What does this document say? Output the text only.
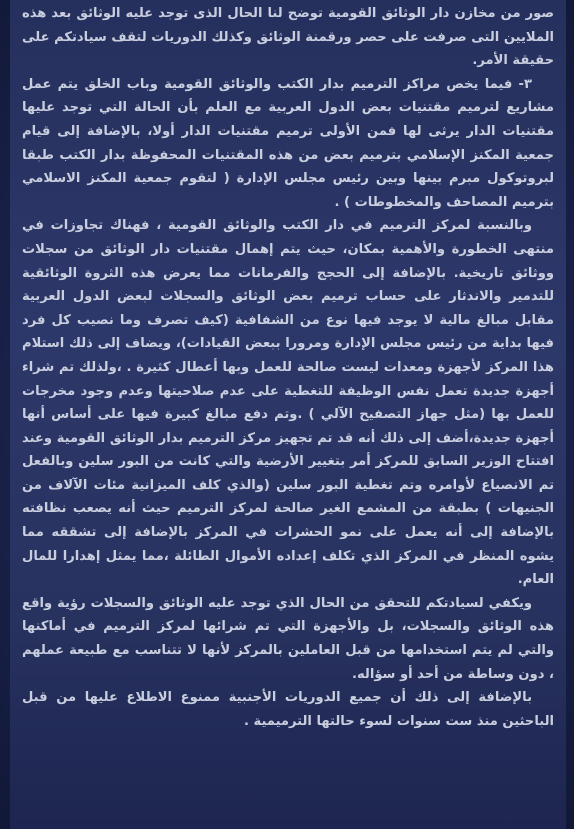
صور من مخازن دار الوثائق القومية توضح لنا الحال الذى توجد عليه الوثائق بعد هذه الملايين التى صرفت على حصر ورقمنة الوثائق وكذلك الدوريات لتقف سيادتكم على حقيقة الأمر.

٣- فيما يخص مراكز الترميم بدار الكتب والوثائق القومية وباب الخلق يتم عمل مشاريع لترميم مقتنيات بعض الدول العربية مع العلم بأن الحالة التي توجد عليها مقتنيات الدار يرثى لها فمن الأولى ترميم مقتنيات الدار أولا، بالإضافة إلى قيام جمعية المكنز الإسلامي بترميم بعض من هذه المقتنيات المحفوظة بدار الكتب طبقا لبروتوكول مبرم بينها وبين رئيس مجلس الإدارة ( لتقوم جمعية المكنز الاسلامي بترميم المصاحف والمخطوطات ) .

وبالنسبة لمركز الترميم في دار الكتب والوثائق القومية ، فهناك تجاوزات في منتهى الخطورة والأهمية بمكان، حيث يتم إهمال مقتنيات دار الوثائق من سجلات ووثائق تاريخية. بالإضافة إلى الحجج والفرمانات مما يعرض هذه الثروة الوثائقية للتدمير والاندثار على حساب ترميم بعض الوثائق والسجلات لبعض الدول العربية مقابل مبالغ مالية لا يوجد فيها نوع من الشفافية (كيف تصرف وما نصيب كل فرد فيها بداية من رئيس مجلس الإدارة ومرورا ببعض القيادات)، ويضاف إلى ذلك استلام هذا المركز لأجهزة ومعدات ليست صالحة للعمل وبها أعطال كثيرة . ،ولذلك تم شراء أجهزة جديدة تعمل نفس الوظيفة للتغطية على عدم صلاحيتها وعدم وجود مخرجات للعمل بها (مثل جهاز التصفيح الآلي ) .وتم دفع مبالغ كبيرة فيها على أساس أنها أجهزة جديدة،أضف إلى ذلك أنه قد تم تجهيز مركز الترميم بدار الوثائق القومية وعند افتتاح الوزير السابق للمركز أمر بتغيير الأرضية والتي كانت من البور سلين وبالفعل تم الانصياع لأوامره وتم تغطية البور سلين (والذي كلف الميزانية مئات الآلاف من الجنيهات ) بطبقة من المشمع الغير صالحة لمركز الترميم حيث أنه يصعب نظافته بالإضافة إلى أنه يعمل على نمو الحشرات في المركز بالإضافة إلى تشققه مما يشوه المنظر في المركز الذي تكلف إعداده الأموال الطائلة ،مما يمثل إهدارا للمال العام.

ويكفي لسيادتكم للتحقق من الحال الذي توجد عليه الوثائق والسجلات رؤية واقع هذه الوثائق والسجلات، بل والأجهزة التي تم شرائها لمركز الترميم في أماكنها والتي لم يتم استخدامها من قبل العاملين بالمركز لأنها لا تتناسب مع طبيعة عملهم ، دون وساطة من أحد أو سؤاله.

بالإضافة إلى ذلك أن جميع الدوريات الأجنبية ممنوع الاطلاع عليها من قبل الباحثين منذ ست سنوات لسوء حالتها الترميمية .
